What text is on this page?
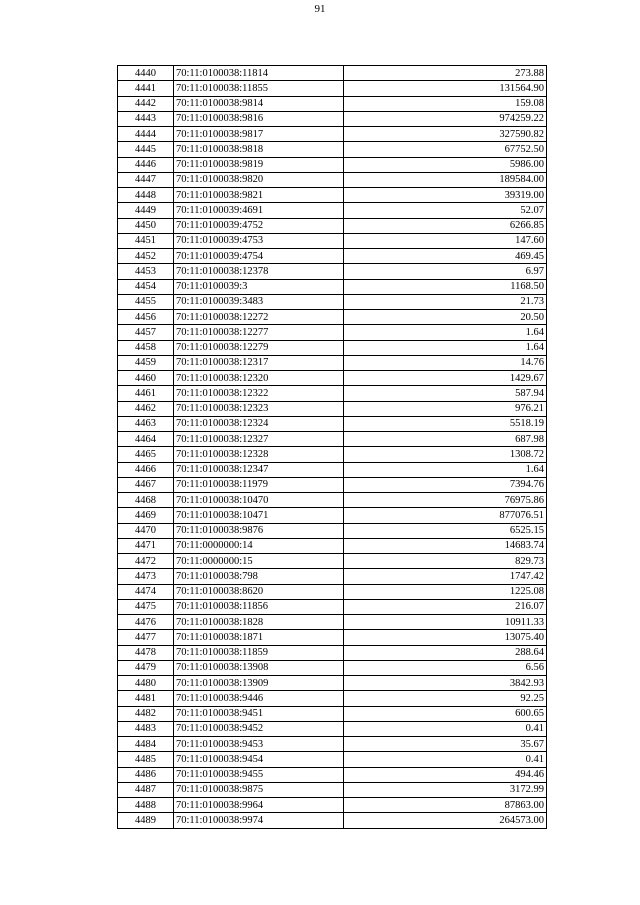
91
4440	70:11:0100038:11814	273.88
4441	70:11:0100038:11855	131564.90
4442	70:11:0100038:9814	159.08
4443	70:11:0100038:9816	974259.22
4444	70:11:0100038:9817	327590.82
4445	70:11:0100038:9818	67752.50
4446	70:11:0100038:9819	5986.00
4447	70:11:0100038:9820	189584.00
4448	70:11:0100038:9821	39319.00
4449	70:11:0100039:4691	52.07
4450	70:11:0100039:4752	6266.85
4451	70:11:0100039:4753	147.60
4452	70:11:0100039:4754	469.45
4453	70:11:0100038:12378	6.97
4454	70:11:0100039:3	1168.50
4455	70:11:0100039:3483	21.73
4456	70:11:0100038:12272	20.50
4457	70:11:0100038:12277	1.64
4458	70:11:0100038:12279	1.64
4459	70:11:0100038:12317	14.76
4460	70:11:0100038:12320	1429.67
4461	70:11:0100038:12322	587.94
4462	70:11:0100038:12323	976.21
4463	70:11:0100038:12324	5518.19
4464	70:11:0100038:12327	687.98
4465	70:11:0100038:12328	1308.72
4466	70:11:0100038:12347	1.64
4467	70:11:0100038:11979	7394.76
4468	70:11:0100038:10470	76975.86
4469	70:11:0100038:10471	877076.51
4470	70:11:0100038:9876	6525.15
4471	70:11:0000000:14	14683.74
4472	70:11:0000000:15	829.73
4473	70:11:0100038:798	1747.42
4474	70:11:0100038:8620	1225.08
4475	70:11:0100038:11856	216.07
4476	70:11:0100038:1828	10911.33
4477	70:11:0100038:1871	13075.40
4478	70:11:0100038:11859	288.64
4479	70:11:0100038:13908	6.56
4480	70:11:0100038:13909	3842.93
4481	70:11:0100038:9446	92.25
4482	70:11:0100038:9451	600.65
4483	70:11:0100038:9452	0.41
4484	70:11:0100038:9453	35.67
4485	70:11:0100038:9454	0.41
4486	70:11:0100038:9455	494.46
4487	70:11:0100038:9875	3172.99
4488	70:11:0100038:9964	87863.00
4489	70:11:0100038:9974	264573.00
